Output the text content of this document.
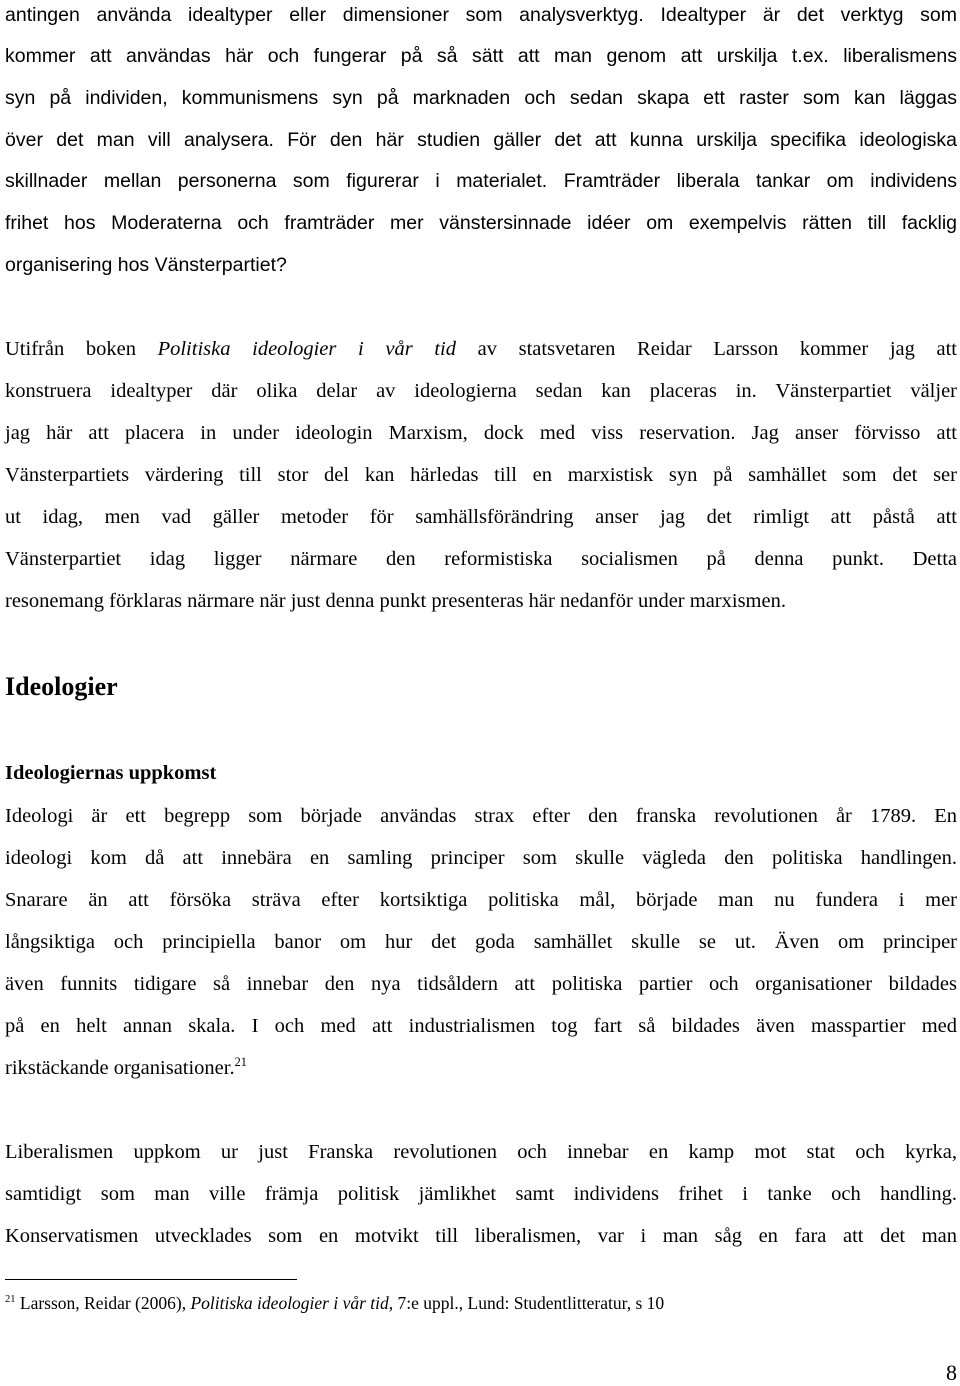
antingen använda idealtyper eller dimensioner som analysverktyg. Idealtyper är det verktyg som
kommer att användas här och fungerar på så sätt att man genom att urskilja t.ex. liberalismens
syn på individen, kommunismens syn på marknaden och sedan skapa ett raster som kan läggas
över det man vill analysera. För den här studien gäller det att kunna urskilja specifika ideologiska
skillnader mellan personerna som figurerar i materialet. Framträder liberala tankar om individens
frihet hos Moderaterna och framträder mer vänstersinnade idéer om exempelvis rätten till facklig
organisering hos Vänsterpartiet?
Utifrån boken Politiska ideologier i vår tid av statsvetaren Reidar Larsson kommer jag att
konstruera idealtyper där olika delar av ideologierna sedan kan placeras in. Vänsterpartiet väljer
jag här att placera in under ideologin Marxism, dock med viss reservation. Jag anser förvisso att
Vänsterpartiets värdering till stor del kan härledas till en marxistisk syn på samhället som det ser
ut idag, men vad gäller metoder för samhällsförändring anser jag det rimligt att påstå att
Vänsterpartiet idag ligger närmare den reformistiska socialismen på denna punkt. Detta
resonemang förklaras närmare när just denna punkt presenteras här nedanför under marxismen.
Ideologier
Ideologiernas uppkomst
Ideologi är ett begrepp som började användas strax efter den franska revolutionen år 1789. En
ideologi kom då att innebära en samling principer som skulle vägleda den politiska handlingen.
Snarare än att försöka sträva efter kortsiktiga politiska mål, började man nu fundera i mer
långsiktiga och principiella banor om hur det goda samhället skulle se ut. Även om principer
även funnits tidigare så innebar den nya tidsåldern att politiska partier och organisationer bildades
på en helt annan skala. I och med att industrialismen tog fart så bildades även masspartier med
rikstäckande organisationer.$^{21}$
Liberalismen uppkom ur just Franska revolutionen och innebar en kamp mot stat och kyrka,
samtidigt som man ville främja politisk jämlikhet samt individens frihet i tanke och handling.
Konservatismen utvecklades som en motvikt till liberalismen, var i man såg en fara att det man
$^{21}$ Larsson, Reidar (2006), Politiska ideologier i vår tid, 7:e uppl., Lund: Studentlitteratur, s 10
8
